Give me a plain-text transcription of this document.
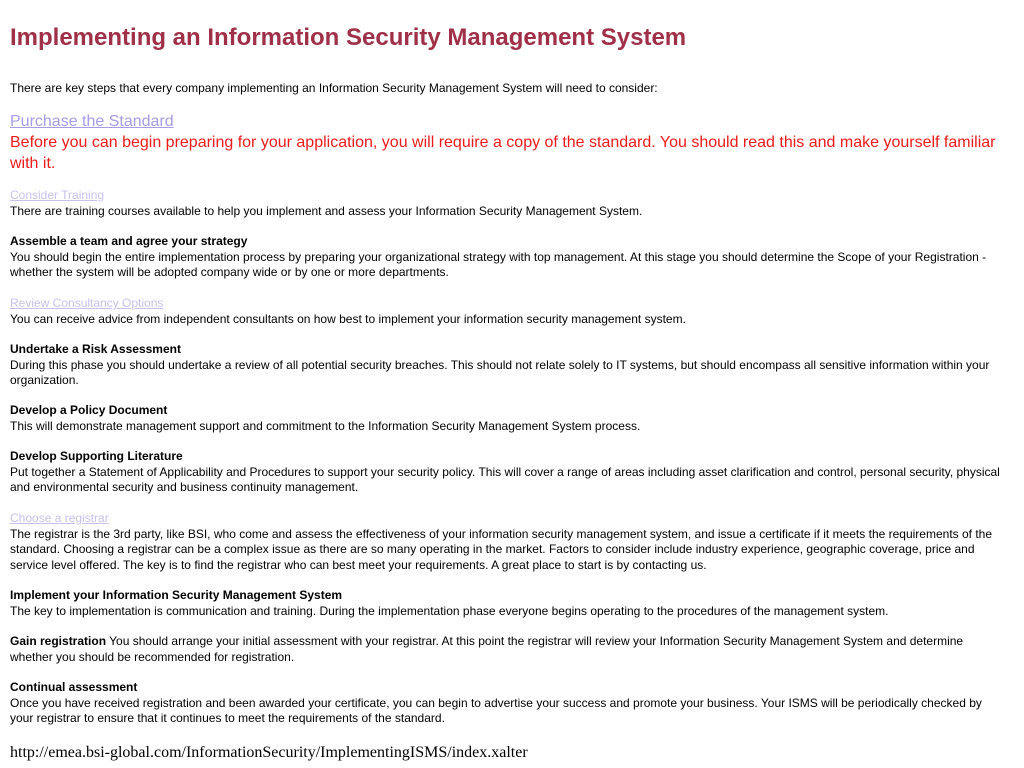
Implementing an Information Security Management System
There are key steps that every company implementing an Information Security Management System will need to consider:
Purchase the Standard
Before you can begin preparing for your application, you will require a copy of the standard. You should read this and make yourself familiar with it.
Consider Training
There are training courses available to help you implement and assess your Information Security Management System.
Assemble a team and agree your strategy
You should begin the entire implementation process by preparing your organizational strategy with top management. At this stage you should determine the Scope of your Registration - whether the system will be adopted company wide or by one or more departments.
Review Consultancy Options
You can receive advice from independent consultants on how best to implement your information security management system.
Undertake a Risk Assessment
During this phase you should undertake a review of all potential security breaches. This should not relate solely to IT systems, but should encompass all sensitive information within your organization.
Develop a Policy Document
This will demonstrate management support and commitment to the Information Security Management System process.
Develop Supporting Literature
Put together a Statement of Applicability and Procedures to support your security policy. This will cover a range of areas including asset clarification and control, personal security, physical and environmental security and business continuity management.
Choose a registrar
The registrar is the 3rd party, like BSI, who come and assess the effectiveness of your information security management system, and issue a certificate if it meets the requirements of the standard. Choosing a registrar can be a complex issue as there are so many operating in the market. Factors to consider include industry experience, geographic coverage, price and service level offered. The key is to find the registrar who can best meet your requirements. A great place to start is by contacting us.
Implement your Information Security Management System
The key to implementation is communication and training. During the implementation phase everyone begins operating to the procedures of the management system.
Gain registration You should arrange your initial assessment with your registrar. At this point the registrar will review your Information Security Management System and determine whether you should be recommended for registration.
Continual assessment
Once you have received registration and been awarded your certificate, you can begin to advertise your success and promote your business. Your ISMS will be periodically checked by your registrar to ensure that it continues to meet the requirements of the standard.
http://emea.bsi-global.com/InformationSecurity/ImplementingISMS/index.xalter
